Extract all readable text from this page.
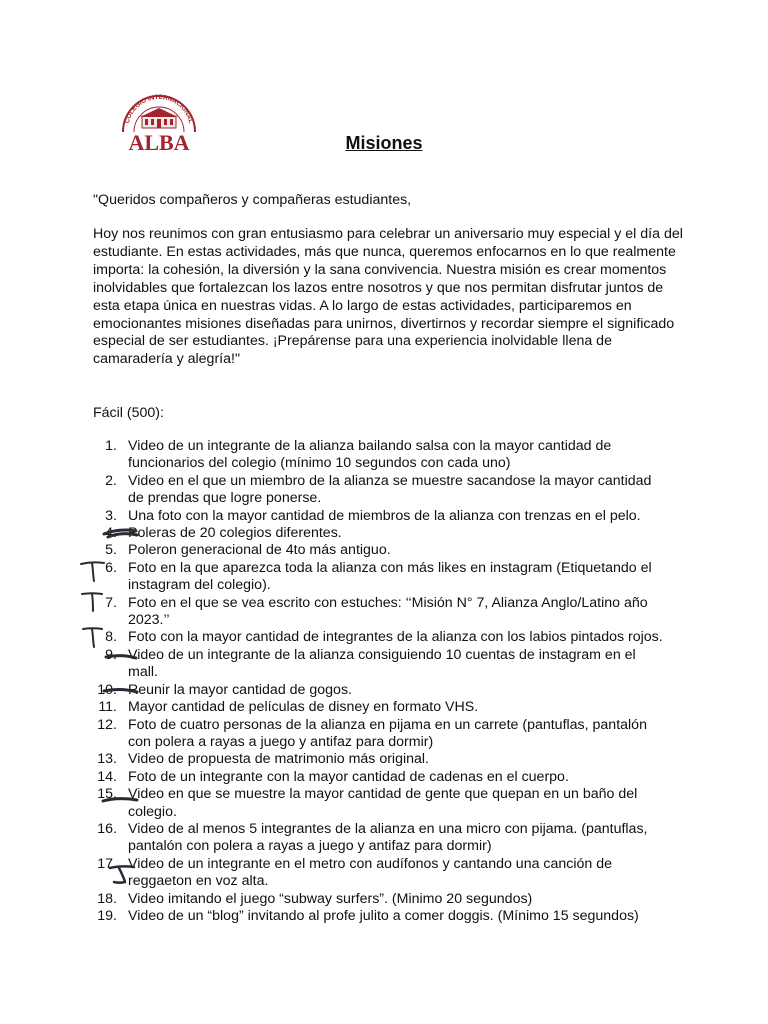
COLEGIO INTERNACIONAL
ALBA	Misiones
"Queridos compañeros y compañeras estudiantes,
Hoy nos reunimos con gran entusiasmo para celebrar un aniversario muy especial y el día del estudiante. En estas actividades, más que nunca, queremos enfocarnos en lo que realmente importa: la cohesión, la diversión y la sana convivencia. Nuestra misión es crear momentos inolvidables que fortalezcan los lazos entre nosotros y que nos permitan disfrutar juntos de esta etapa única en nuestras vidas. A lo largo de estas actividades, participaremos en emocionantes misiones diseñadas para unirnos, divertirnos y recordar siempre el significado especial de ser estudiantes. ¡Prepárense para una experiencia inolvidable llena de camaradería y alegría!"
Fácil (500):
1. Video de un integrante de la alianza bailando salsa con la mayor cantidad de funcionarios del colegio (mínimo 10 segundos con cada uno)
2. Video en el que un miembro de la alianza se muestre sacandose la mayor cantidad de prendas que logre ponerse.
3. Una foto con la mayor cantidad de miembros de la alianza con trenzas en el pelo.
4. Poleras de 20 colegios diferentes.
5. Poleron generacional de 4to más antiguo.
6. Foto en la que aparezca toda la alianza con más likes en instagram (Etiquetando el instagram del colegio).
7. Foto en el que se vea escrito con estuches: ‘‘Misión N° 7, Alianza Anglo/Latino año 2023.’’
8. Foto con la mayor cantidad de integrantes de la alianza con los labios pintados rojos.
9. Video de un integrante de la alianza consiguiendo 10 cuentas de instagram en el mall.
10. Reunir la mayor cantidad de gogos.
11. Mayor cantidad de películas de disney en formato VHS.
12. Foto de cuatro personas de la alianza en pijama en un carrete (pantuflas, pantalón con polera a rayas a juego y antifaz para dormir)
13. Video de propuesta de matrimonio más original.
14. Foto de un integrante con la mayor cantidad de cadenas en el cuerpo.
15. Video en que se muestre la mayor cantidad de gente que quepan en un baño del colegio.
16. Video de al menos 5 integrantes de la alianza en una micro con pijama. (pantuflas, pantalón con polera a rayas a juego y antifaz para dormir)
17. Video de un integrante en el metro con audífonos y cantando una canción de reggaeton en voz alta.
18. Video imitando el juego “subway surfers”. (Minimo 20 segundos)
19. Video de un “blog” invitando al profe julito a comer doggis. (Mínimo 15 segundos)
